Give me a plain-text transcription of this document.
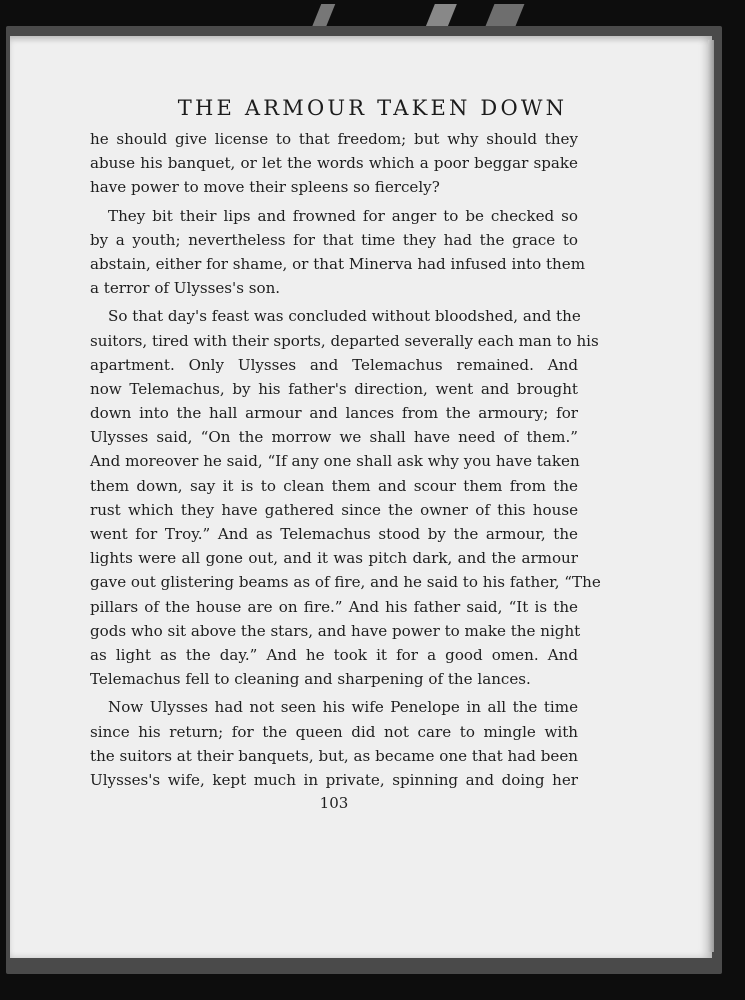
THE ARMOUR TAKEN DOWN
he should give license to that freedom; but why should they
abuse his banquet, or let the words which a poor beggar spake
have power to move their spleens so fiercely?
They bit their lips and frowned for anger to be checked so
by a youth; nevertheless for that time they had the grace to
abstain, either for shame, or that Minerva had infused into them
a terror of Ulysses's son.
So that day's feast was concluded without bloodshed, and the
suitors, tired with their sports, departed severally each man to his
apartment. Only Ulysses and Telemachus remained. And
now Telemachus, by his father's direction, went and brought
down into the hall armour and lances from the armoury; for
Ulysses said, “On the morrow we shall have need of them.”
And moreover he said, “If any one shall ask why you have taken
them down, say it is to clean them and scour them from the
rust which they have gathered since the owner of this house
went for Troy.” And as Telemachus stood by the armour, the
lights were all gone out, and it was pitch dark, and the armour
gave out glistering beams as of fire, and he said to his father, “The
pillars of the house are on fire.” And his father said, “It is the
gods who sit above the stars, and have power to make the night
as light as the day.” And he took it for a good omen. And
Telemachus fell to cleaning and sharpening of the lances.
Now Ulysses had not seen his wife Penelope in all the time
since his return; for the queen did not care to mingle with
the suitors at their banquets, but, as became one that had been
Ulysses's wife, kept much in private, spinning and doing her
103
